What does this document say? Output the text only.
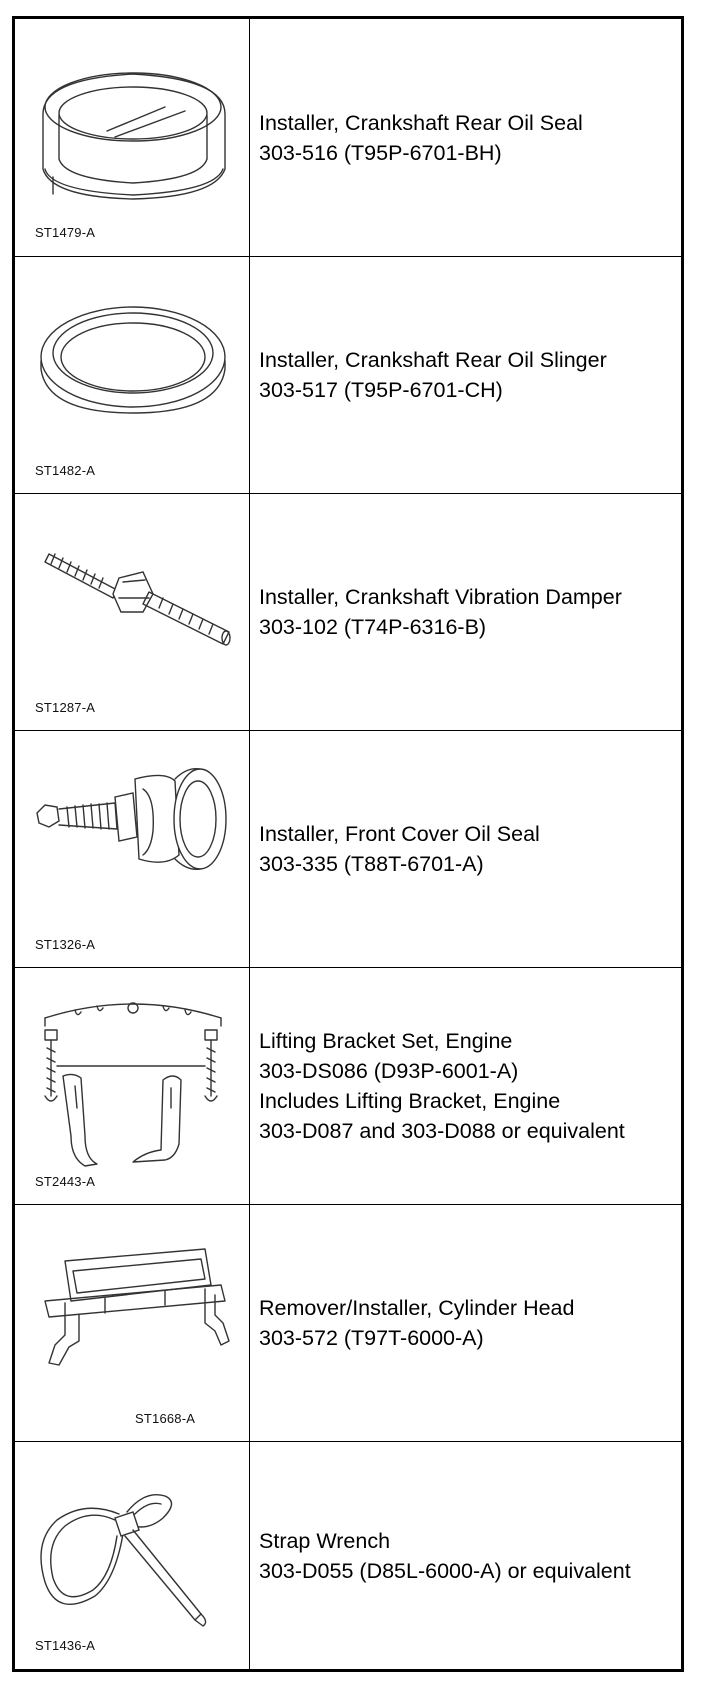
ST1479-A
Installer, Crankshaft Rear Oil Seal
303-516 (T95P-6701-BH)
ST1482-A
Installer, Crankshaft Rear Oil Slinger
303-517 (T95P-6701-CH)
ST1287-A
Installer, Crankshaft Vibration Damper
303-102 (T74P-6316-B)
ST1326-A
Installer, Front Cover Oil Seal
303-335 (T88T-6701-A)
ST2443-A
Lifting Bracket Set, Engine
303-DS086 (D93P-6001-A)
Includes Lifting Bracket, Engine
303-D087 and 303-D088 or equivalent
ST1668-A
Remover/Installer, Cylinder Head
303-572 (T97T-6000-A)
ST1436-A
Strap Wrench
303-D055 (D85L-6000-A) or equivalent
